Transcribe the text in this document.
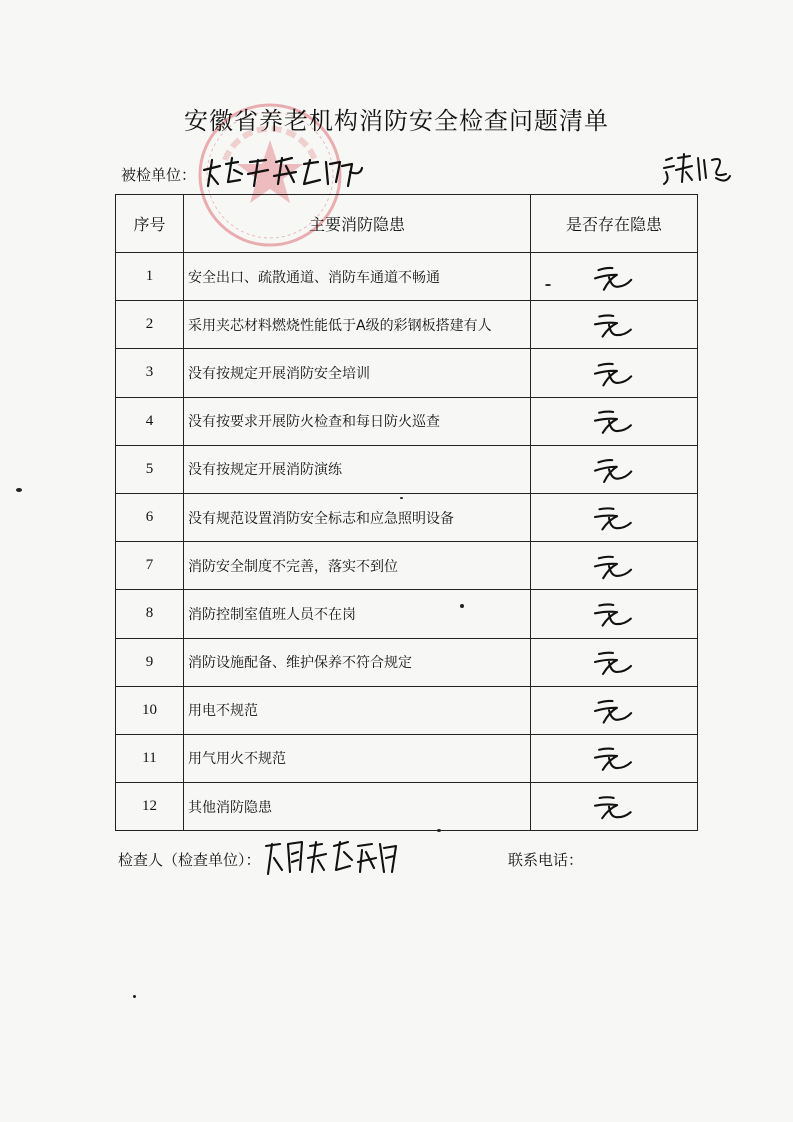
安徽省养老机构消防安全检查问题清单
被检单位：
序号	主要消防隐患	是否存在隐患
1	安全出口、疏散通道、消防车通道不畅通	

2	采用夹芯材料燃烧性能低于A级的彩钢板搭建有人	

3	没有按规定开展消防安全培训	

4	没有按要求开展防火检查和每日防火巡查	

5	没有按规定开展消防演练	

6	没有规范设置消防安全标志和应急照明设备	

7	消防安全制度不完善，落实不到位	

8	消防控制室值班人员不在岗	

9	消防设施配备、维护保养不符合规定	

10	用电不规范	

11	用气用火不规范	

12	其他消防隐患	
检查人（检查单位）：	联系电话：
